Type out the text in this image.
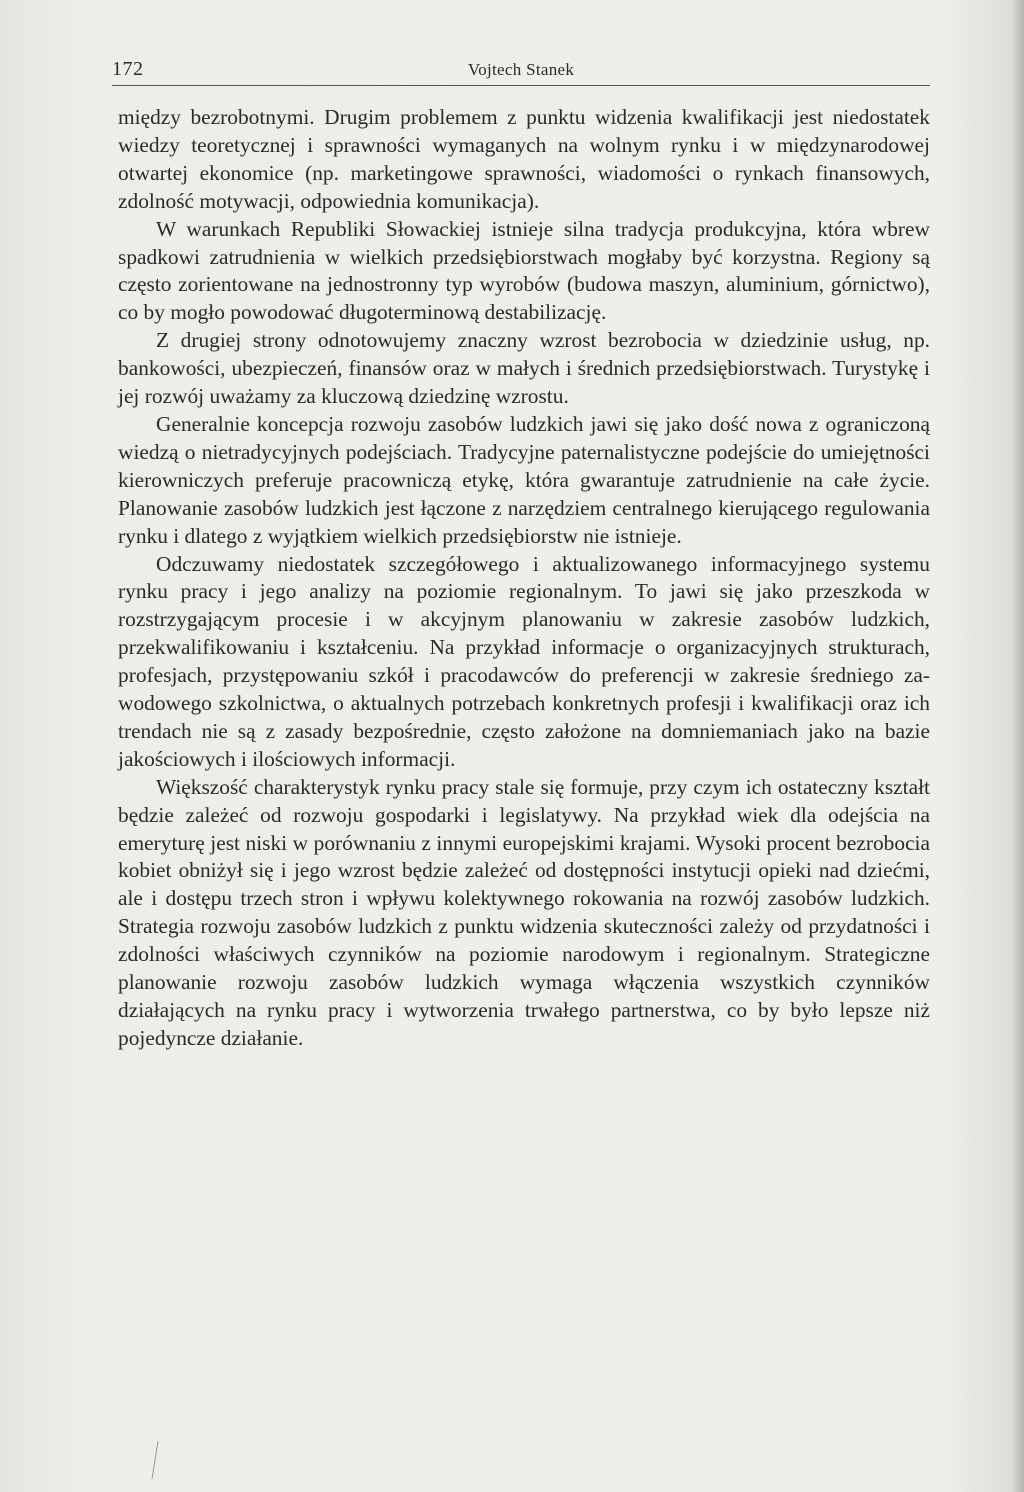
172	Vojtech Stanek

między bezrobotnymi. Drugim problemem z punktu widzenia kwalifikacji jest niedostatek wiedzy teoretycznej i sprawności wymaganych na wolnym rynku i w międzynarodowej otwartej ekonomice (np. marketingowe sprawności, wiadomości o rynkach finansowych, zdolność motywacji, odpowiednia komunikacja).

W warunkach Republiki Słowackiej istnieje silna tradycja produkcyjna, która wbrew spadkowi zatrudnienia w wielkich przedsiębiorstwach mogłaby być korzystna. Regiony są często zorientowane na jednostronny typ wyrobów (budowa maszyn, aluminium, górnictwo), co by mogło powodować długoterminową destabilizację.

Z drugiej strony odnotowujemy znaczny wzrost bezrobocia w dziedzinie usług, np. bankowości, ubezpieczeń, finansów oraz w małych i średnich przedsiębiorstwach. Turystykę i jej rozwój uważamy za kluczową dziedzinę wzrostu.

Generalnie koncepcja rozwoju zasobów ludzkich jawi się jako dość nowa z ograniczoną wiedzą o nietradycyjnych podejściach. Tradycyjne paternalistyczne podejście do umiejętności kierowniczych preferuje pracowniczą etykę, która gwarantuje zatrudnienie na całe życie. Planowanie zasobów ludzkich jest łączone z narzędziem centralnego kierującego regulowania rynku i dlatego z wyjątkiem wielkich przedsiębiorstw nie istnieje.

Odczuwamy niedostatek szczegółowego i aktualizowanego informacyjnego systemu rynku pracy i jego analizy na poziomie regionalnym. To jawi się jako przeszkoda w rozstrzygającym procesie i w akcyjnym planowaniu w zakresie zasobów ludzkich, przekwalifikowaniu i kształceniu. Na przykład informacje o organizacyjnych strukturach, profesjach, przystępowaniu szkół i pracodawców do preferencji w zakresie średniego zawodowego szkolnictwa, o aktualnych potrzebach konkretnych profesji i kwalifikacji oraz ich trendach nie są z zasady bezpośrednie, często założone na domniemaniach jako na bazie jakościowych i ilościowych informacji.

Większość charakterystyk rynku pracy stale się formuje, przy czym ich ostateczny kształt będzie zależeć od rozwoju gospodarki i legislatywy. Na przykład wiek dla odejścia na emeryturę jest niski w porównaniu z innymi europejskimi krajami. Wysoki procent bezrobocia kobiet obniżył się i jego wzrost będzie zależeć od dostępności instytucji opieki nad dziećmi, ale i dostępu trzech stron i wpływu kolektywnego rokowania na rozwój zasobów ludzkich. Strategia rozwoju zasobów ludzkich z punktu widzenia skuteczności zależy od przydatności i zdolności właściwych czynników na poziomie narodowym i regionalnym. Strategiczne planowanie rozwoju zasobów ludzkich wymaga włączenia wszystkich czynników działających na rynku pracy i wytworzenia trwałego partnerstwa, co by było lepsze niż pojedyncze działanie.
